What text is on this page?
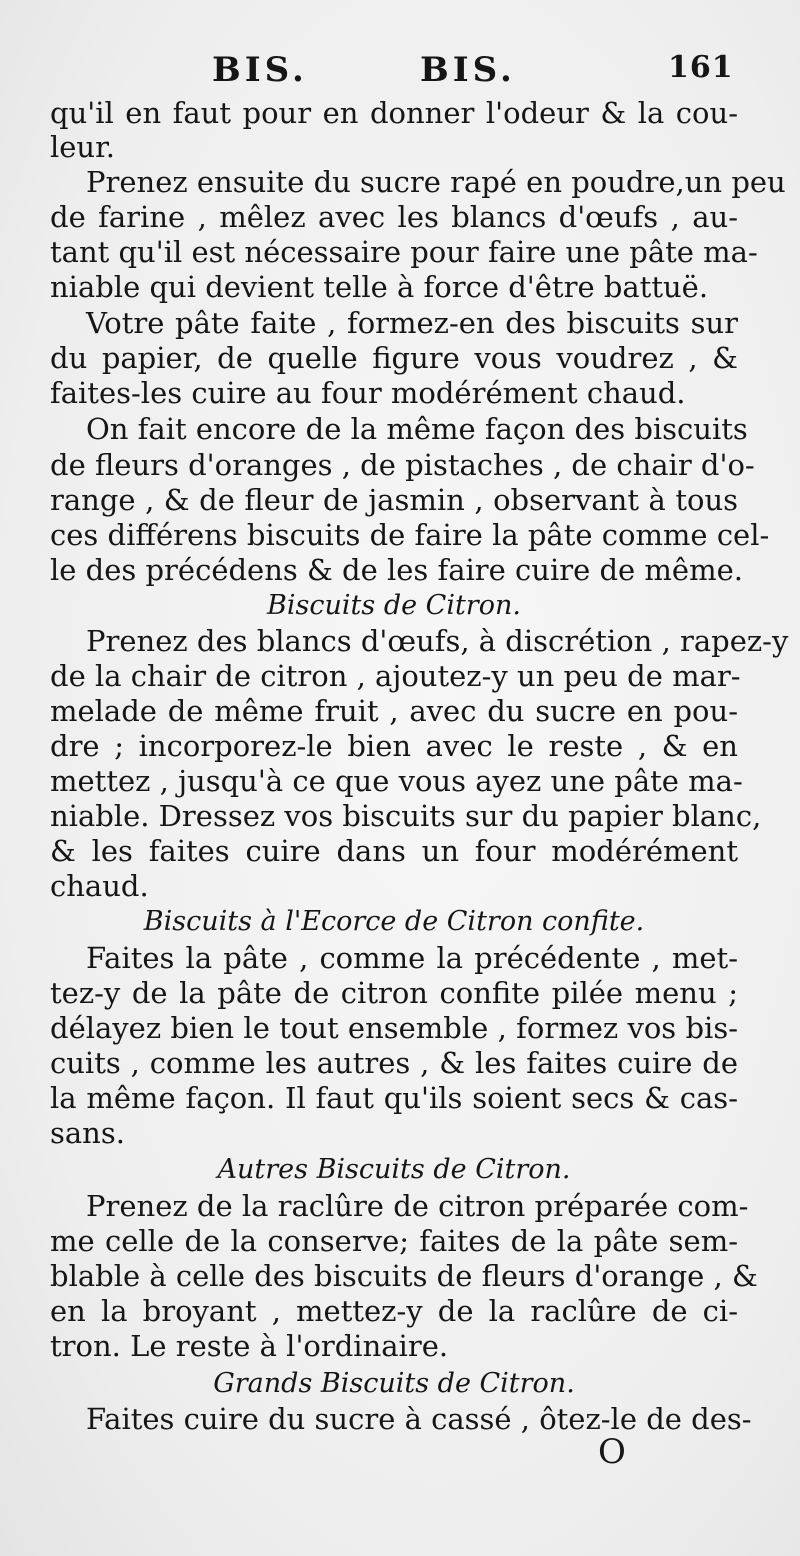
BIS.	BIS.	161

qu'il en faut pour en donner l'odeur & la cou-

leur.

Prenez ensuite du sucre rapé en poudre,un peu

de farine , mêlez avec les blancs d'œufs , au-

tant qu'il est nécessaire pour faire une pâte ma-

niable qui devient telle à force d'être battuë.

Votre pâte faite , formez-en des biscuits sur

du papier, de quelle figure vous voudrez , &

faites-les cuire au four modérément chaud.

On fait encore de la même façon des biscuits

de fleurs d'oranges , de pistaches , de chair d'o-

range , & de fleur de jasmin , observant à tous

ces différens biscuits de faire la pâte comme cel-

le des précédens & de les faire cuire de même.

Biscuits de Citron.

Prenez des blancs d'œufs, à discrétion , rapez-y

de la chair de citron , ajoutez-y un peu de mar-

melade de même fruit , avec du sucre en pou-

dre ; incorporez-le bien avec le reste , & en

mettez , jusqu'à ce que vous ayez une pâte ma-

niable. Dressez vos biscuits sur du papier blanc,

& les faites cuire dans un four modérément

chaud.

Biscuits à l'Ecorce de Citron confite.

Faites la pâte , comme la précédente , met-

tez-y de la pâte de citron confite pilée menu ;

délayez bien le tout ensemble , formez vos bis-

cuits , comme les autres , & les faites cuire de

la même façon. Il faut qu'ils soient secs & cas-

sans.

Autres Biscuits de Citron.

Prenez de la raclûre de citron préparée com-

me celle de la conserve; faites de la pâte sem-

blable à celle des biscuits de fleurs d'orange , &

en la broyant , mettez-y de la raclûre de ci-

tron. Le reste à l'ordinaire.

Grands Biscuits de Citron.

Faites cuire du sucre à cassé , ôtez-le de des-

O
